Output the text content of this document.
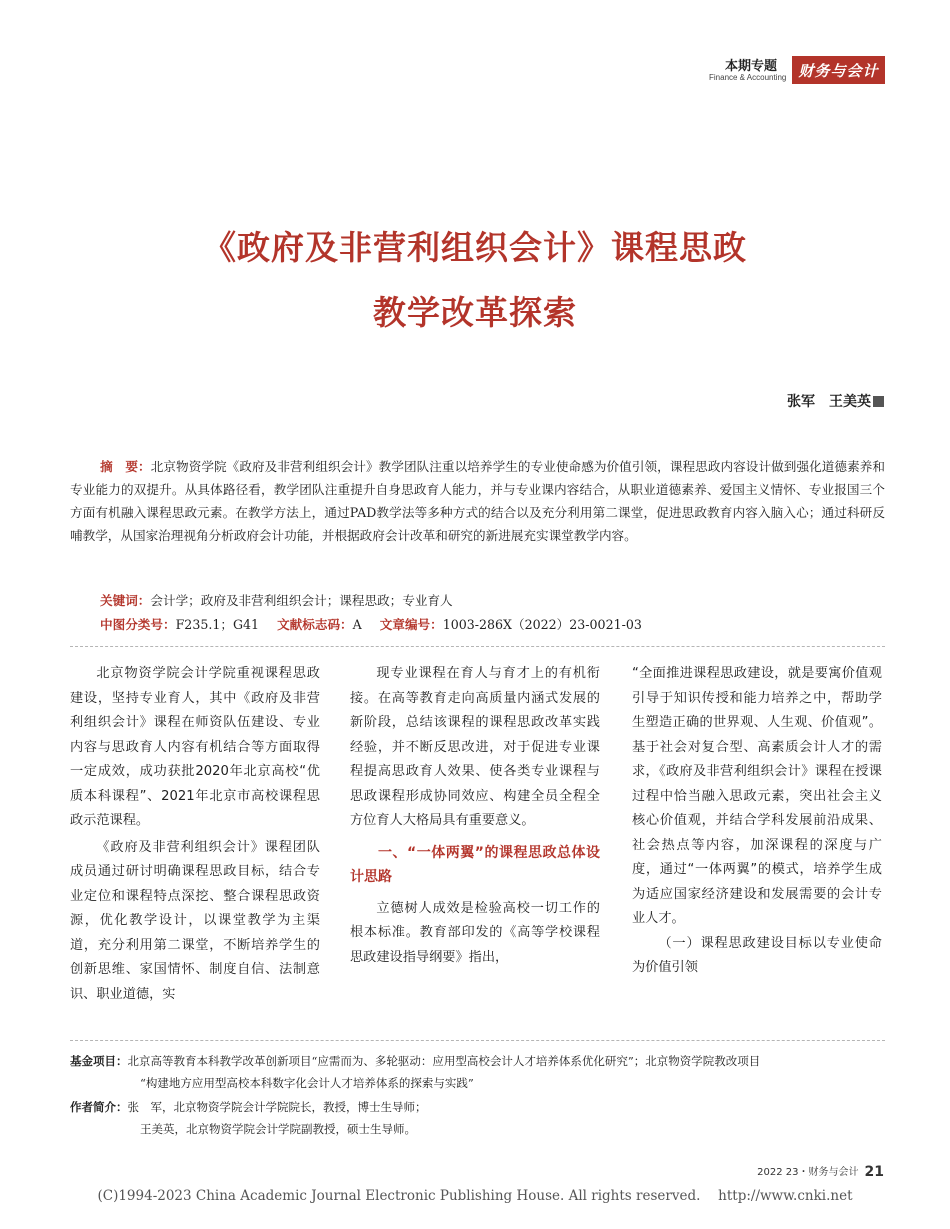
本期专题
Finance & Accounting 财务与会计
《政府及非营利组织会计》课程思政
教学改革探索
张军　王美英
摘　要：北京物资学院《政府及非营利组织会计》教学团队注重以培养学生的专业使命感为价值引领，课程思政内容设计做到强化道德素养和专业能力的双提升。从具体路径看，教学团队注重提升自身思政育人能力，并与专业课内容结合，从职业道德素养、爱国主义情怀、专业报国三个方面有机融入课程思政元素。在教学方法上，通过PAD教学法等多种方式的结合以及充分利用第二课堂，促进思政教育内容入脑入心；通过科研反哺教学，从国家治理视角分析政府会计功能，并根据政府会计改革和研究的新进展充实课堂教学内容。
关键词：会计学；政府及非营利组织会计；课程思政；专业育人
中图分类号：F235.1；G41 文献标志码：A 文章编号：1003-286X（2022）23-0021-03

北京物资学院会计学院重视课程思政建设，坚持专业育人，其中《政府及非营利组织会计》课程在师资队伍建设、专业内容与思政育人内容有机结合等方面取得一定成效，成功获批2020年北京高校“优质本科课程”、2021年北京市高校课程思政示范课程。

《政府及非营利组织会计》课程团队成员通过研讨明确课程思政目标，结合专业定位和课程特点深挖、整合课程思政资源，优化教学设计，以课堂教学为主渠道，充分利用第二课堂，不断培养学生的创新思维、家国情怀、制度自信、法制意识、职业道德，实

现专业课程在育人与育才上的有机衔接。在高等教育走向高质量内涵式发展的新阶段，总结该课程的课程思政改革实践经验，并不断反思改进，对于促进专业课程提高思政育人效果、使各类专业课程与思政课程形成协同效应、构建全员全程全方位育人大格局具有重要意义。

一、“一体两翼”的课程思政总体设计思路

立德树人成效是检验高校一切工作的根本标准。教育部印发的《高等学校课程思政建设指导纲要》指出，

“全面推进课程思政建设，就是要寓价值观引导于知识传授和能力培养之中，帮助学生塑造正确的世界观、人生观、价值观”。基于社会对复合型、高素质会计人才的需求，《政府及非营利组织会计》课程在授课过程中恰当融入思政元素，突出社会主义核心价值观，并结合学科发展前沿成果、社会热点等内容，加深课程的深度与广度，通过“一体两翼”的模式，培养学生成为适应国家经济建设和发展需要的会计专业人才。

（一）课程思政建设目标以专业使命为价值引领

基金项目：北京高等教育本科教学改革创新项目“应需而为、多轮驱动：应用型高校会计人才培养体系优化研究”；北京物资学院教改项目
“构建地方应用型高校本科数字化会计人才培养体系的探索与实践”
作者简介：张　军，北京物资学院会计学院院长，教授，博士生导师；
王美英，北京物资学院会计学院副教授，硕士生导师。
2022 23・财务与会计 21
(C)1994-2023 China Academic Journal Electronic Publishing House. All rights reserved.　 http://www.cnki.net
